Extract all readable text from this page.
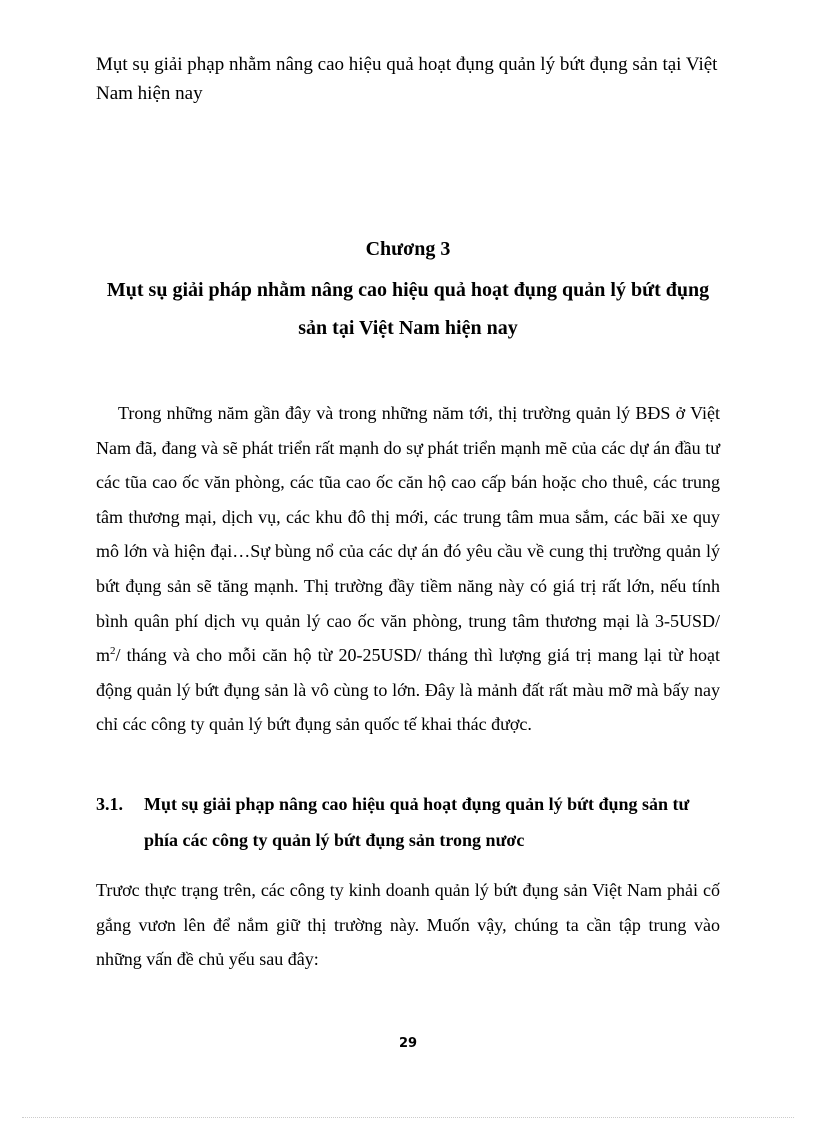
Mụt sụ giải phạp nhằm nâng cao hiệu quả hoạt đụng quản lý bứt đụng sản tại Việt Nam hiện nay
Chương 3
Mụt sụ giải pháp nhằm nâng cao hiệu quả hoạt đụng quản lý bứt đụng sản tại Việt Nam hiện nay
Trong những năm gần đây và trong những năm tới, thị trường quản lý BĐS ở Việt Nam đã, đang và sẽ phát triển rất mạnh do sự phát triển mạnh mẽ của các dự án đầu tư các tũa cao ốc văn phòng, các tũa cao ốc căn hộ cao cấp bán hoặc cho thuê, các trung tâm thương mại, dịch vụ, các khu đô thị mới, các trung tâm mua sắm, các bãi xe quy mô lớn và hiện đại…Sự bùng nổ của các dự án đó yêu cầu về cung thị trường quản lý bứt đụng sản sẽ tăng mạnh. Thị trường đầy tiềm năng này có giá trị rất lớn, nếu tính bình quân phí dịch vụ quản lý cao ốc văn phòng, trung tâm thương mại là 3-5USD/ $m^2/$ tháng và cho mỗi căn hộ từ 20-25USD/ tháng thì lượng giá trị mang lại từ hoạt động quản lý bứt đụng sản là vô cùng to lớn. Đây là mảnh đất rất màu mỡ mà bấy nay chỉ các công ty quản lý bứt đụng sản quốc tế khai thác được.
3.1. Mụt sụ giải phạp nâng cao hiệu quả hoạt đụng quản lý bứt đụng sản tư phía các công ty quản lý bứt đụng sản trong nươc
Trươc thực trạng trên, các công ty kinh doanh quản lý bứt đụng sản Việt Nam phải cố gắng vươn lên để nắm giữ thị trường này. Muốn vậy, chúng ta cần tập trung vào những vấn đề chủ yếu sau đây:
29
